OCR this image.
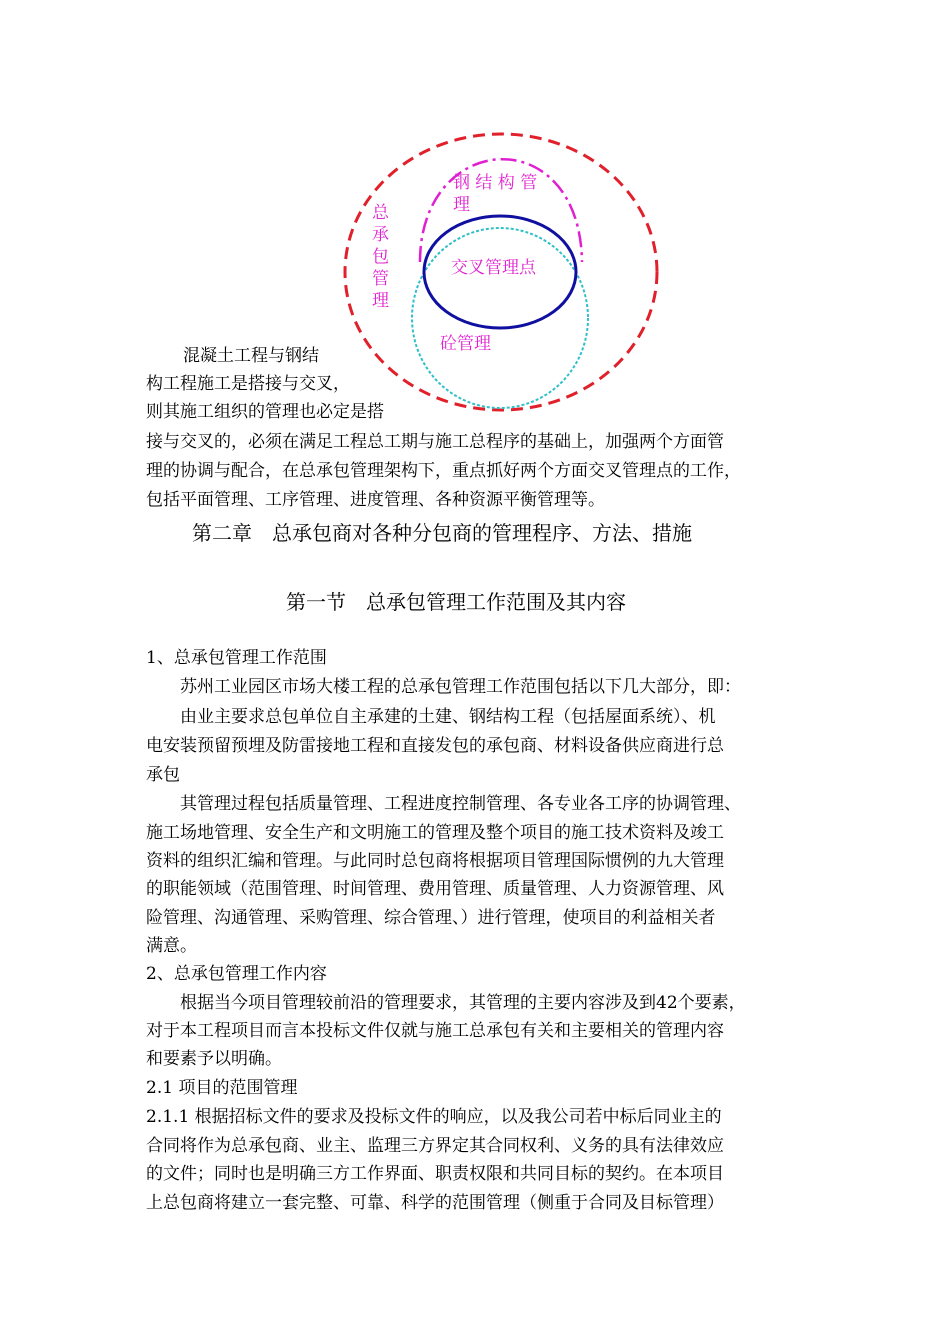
总承包管理
钢 结 构 管
理
交叉管理点
砼管理
混凝土工程与钢结
构工程施工是搭接与交叉，
则其施工组织的管理也必定是搭
接与交叉的，必须在满足工程总工期与施工总程序的基础上，加强两个方面管
理的协调与配合，在总承包管理架构下，重点抓好两个方面交叉管理点的工作，
包括平面管理、工序管理、进度管理、各种资源平衡管理等。
第二章　总承包商对各种分包商的管理程序、方法、措施
第一节　总承包管理工作范围及其内容
1、总承包管理工作范围
　　苏州工业园区市场大楼工程的总承包管理工作范围包括以下几大部分，即：
　　由业主要求总包单位自主承建的土建、钢结构工程（包括屋面系统）、机
电安装预留预埋及防雷接地工程和直接发包的承包商、材料设备供应商进行总
承包
　　其管理过程包括质量管理、工程进度控制管理、各专业各工序的协调管理、
施工场地管理、安全生产和文明施工的管理及整个项目的施工技术资料及竣工
资料的组织汇编和管理。与此同时总包商将根据项目管理国际惯例的九大管理
的职能领域（范围管理、时间管理、费用管理、质量管理、人力资源管理、风
险管理、沟通管理、采购管理、综合管理、）进行管理，使项目的利益相关者
满意。
2、总承包管理工作内容
　　根据当今项目管理较前沿的管理要求，其管理的主要内容涉及到42个要素，
对于本工程项目而言本投标文件仅就与施工总承包有关和主要相关的管理内容
和要素予以明确。
2.1 项目的范围管理
2.1.1 根据招标文件的要求及投标文件的响应，以及我公司若中标后同业主的
合同将作为总承包商、业主、监理三方界定其合同权利、义务的具有法律效应
的文件；同时也是明确三方工作界面、职责权限和共同目标的契约。在本项目
上总包商将建立一套完整、可靠、科学的范围管理（侧重于合同及目标管理）
